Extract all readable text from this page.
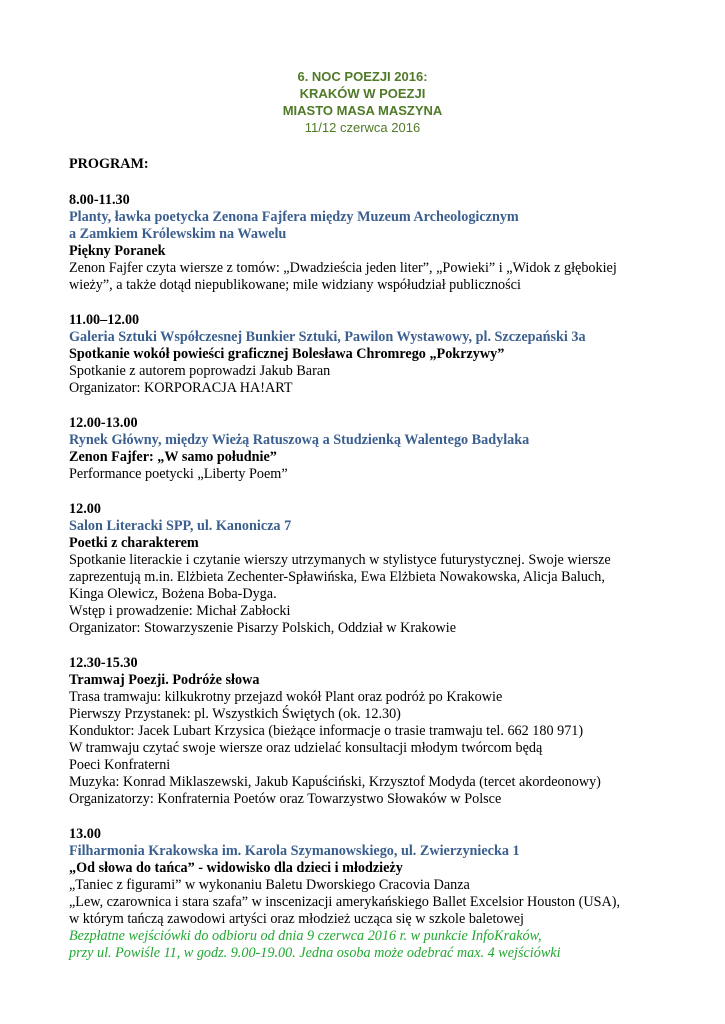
6. NOC POEZJI 2016:
KRAKÓW W POEZJI
MIASTO MASA MASZYNA
11/12 czerwca 2016
PROGRAM:
8.00-11.30
Planty, ławka poetycka Zenona Fajfera między Muzeum Archeologicznym
a Zamkiem Królewskim na Wawelu
Piękny Poranek
Zenon Fajfer czyta wiersze z tomów: „Dwadzieścia jeden liter”, „Powieki” i „Widok z głębokiej
wieży”, a także dotąd niepublikowane; mile widziany współudział publiczności
11.00–12.00
Galeria Sztuki Współczesnej Bunkier Sztuki, Pawilon Wystawowy, pl. Szczepański 3a
Spotkanie wokół powieści graficznej Bolesława Chromrego „Pokrzywy”
Spotkanie z autorem poprowadzi Jakub Baran
Organizator: KORPORACJA HA!ART
12.00-13.00
Rynek Główny, między Wieżą Ratuszową a Studzienką Walentego Badylaka
Zenon Fajfer: „W samo południe”
Performance poetycki „Liberty Poem”
12.00
Salon Literacki SPP, ul. Kanonicza 7
Poetki z charakterem
Spotkanie literackie i czytanie wierszy utrzymanych w stylistyce futurystycznej. Swoje wiersze
zaprezentują m.in. Elżbieta Zechenter-Spławińska, Ewa Elżbieta Nowakowska, Alicja Baluch,
Kinga Olewicz, Bożena Boba-Dyga.
Wstęp i prowadzenie: Michał Zabłocki
Organizator: Stowarzyszenie Pisarzy Polskich, Oddział w Krakowie
12.30-15.30
Tramwaj Poezji. Podróże słowa
Trasa tramwaju: kilkukrotny przejazd wokół Plant oraz podróż po Krakowie
Pierwszy Przystanek: pl. Wszystkich Świętych (ok. 12.30)
Konduktor: Jacek Lubart Krzysica (bieżące informacje o trasie tramwaju tel. 662 180 971)
W tramwaju czytać swoje wiersze oraz udzielać konsultacji młodym twórcom będą
Poeci Konfraterni
Muzyka: Konrad Miklaszewski, Jakub Kapuściński, Krzysztof Modyda (tercet akordeonowy)
Organizatorzy: Konfraternia Poetów oraz Towarzystwo Słowaków w Polsce
13.00
Filharmonia Krakowska im. Karola Szymanowskiego, ul. Zwierzyniecka 1
„Od słowa do tańca” - widowisko dla dzieci i młodzieży
„Taniec z figurami” w wykonaniu Baletu Dworskiego Cracovia Danza
„Lew, czarownica i stara szafa” w inscenizacji amerykańskiego Ballet Excelsior Houston (USA),
w którym tańczą zawodowi artyści oraz młodzież ucząca się w szkole baletowej
Bezpłatne wejściówki do odbioru od dnia 9 czerwca 2016 r. w punkcie InfoKraków,
przy ul. Powiśle 11, w godz. 9.00-19.00. Jedna osoba może odebrać max. 4 wejściówki
